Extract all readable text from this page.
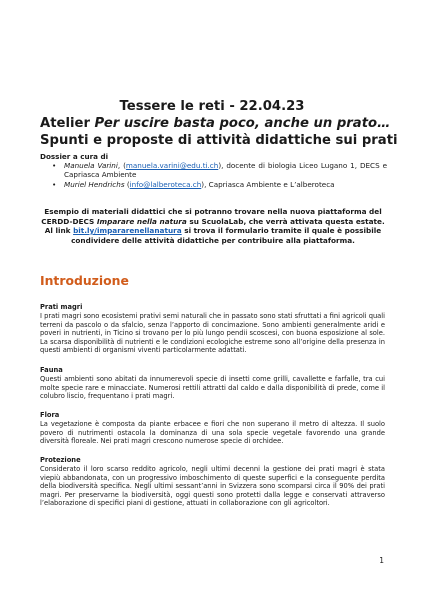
Tessere le reti - 22.04.23

Atelier Per uscire basta poco, anche un prato…

Spunti e proposte di attività didattiche sui prati

Dossier a cura di
• Manuela Varini, (manuela.varini@edu.ti.ch), docente di biologia Liceo Lugano 1, DECS e Capriasca Ambiente
• Muriel Hendrichs (info@lalberoteca.ch), Capriasca Ambiente e L’alberoteca
Esempio di materiali didattici che si potranno trovare nella nuova piattaforma del CERDD-DECS Imparare nella natura su ScuolaLab, che verrà attivata questa estate. Al link bit.ly/impararenellanatura si trova il formulario tramite il quale è possibile condividere delle attività didattiche per contribuire alla piattaforma.
Introduzione
Prati magri

I prati magri sono ecosistemi prativi semi naturali che in passato sono stati sfruttati a fini agricoli quali terreni da pascolo o da sfalcio, senza l’apporto di concimazione. Sono ambienti generalmente aridi e poveri in nutrienti, in Ticino si trovano per lo più lungo pendii scoscesi, con buona esposizione al sole. La scarsa disponibilità di nutrienti e le condizioni ecologiche estreme sono all’origine della presenza in questi ambienti di organismi viventi particolarmente adattati.

Fauna

Questi ambienti sono abitati da innumerevoli specie di insetti come grilli, cavallette e farfalle, tra cui molte specie rare e minacciate. Numerosi rettili attratti dal caldo e dalla disponibilità di prede, come il colubro liscio, frequentano i prati magri.

Flora

La vegetazione è composta da piante erbacee e fiori che non superano il metro di altezza. Il suolo povero di nutrimenti ostacola la dominanza di una sola specie vegetale favorendo una grande diversità floreale. Nei prati magri crescono numerose specie di orchidee.

Protezione

Considerato il loro scarso reddito agricolo, negli ultimi decenni la gestione dei prati magri è stata viepiù abbandonata, con un progressivo imboschimento di queste superfici e la conseguente perdita della biodiversità specifica. Negli ultimi sessant’anni in Svizzera sono scomparsi circa il 90% dei prati magri. Per preservarne la biodiversità, oggi questi sono protetti dalla legge e conservati attraverso l’elaborazione di specifici piani di gestione, attuati in collaborazione con gli agricoltori.

1
